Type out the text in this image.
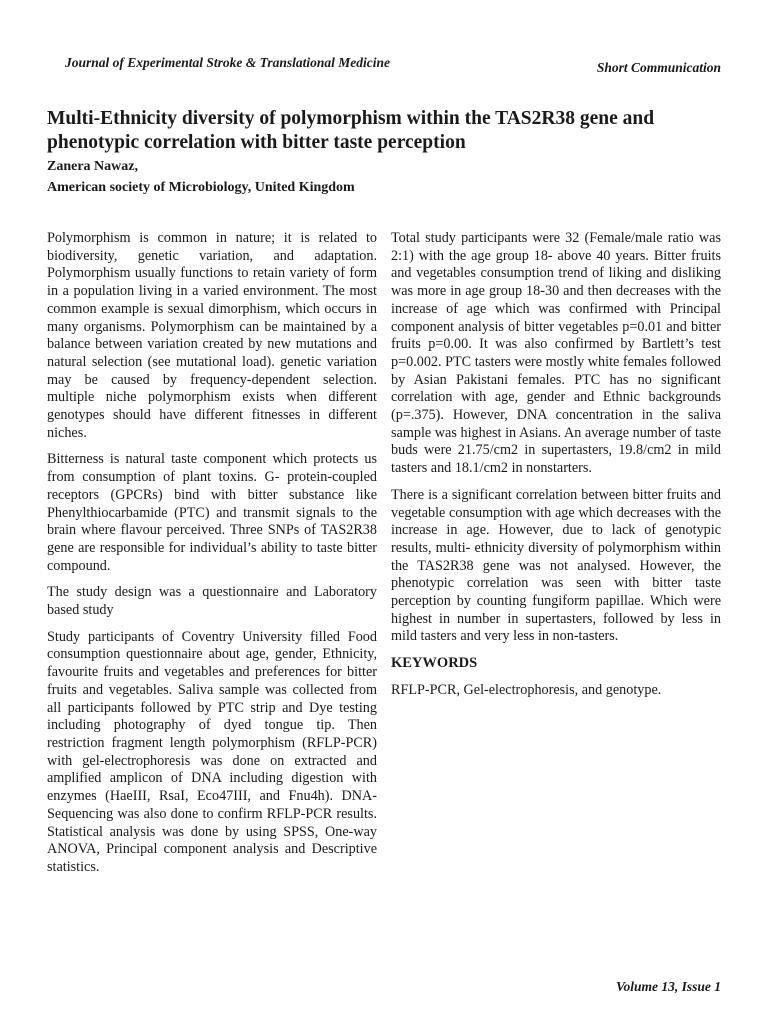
Journal of Experimental Stroke & Translational Medicine	Short Communication
Multi-Ethnicity diversity of polymorphism within the TAS2R38 gene and phenotypic correlation with bitter taste perception
Zanera Nawaz,
American society of Microbiology, United Kingdom

Polymorphism is common in nature; it is related to biodiversity, genetic variation, and adaptation. Polymorphism usually functions to retain variety of form in a population living in a varied environment. The most common example is sexual dimorphism, which occurs in many organisms. Polymorphism can be maintained by a balance between variation created by new mutations and natural selection (see mutational load). genetic variation may be caused by frequency-dependent selection. multiple niche polymorphism exists when different genotypes should have different fitnesses in different niches.

Bitterness is natural taste component which protects us from consumption of plant toxins. G- protein-coupled receptors (GPCRs) bind with bitter substance like Phenylthiocarbamide (PTC) and transmit signals to the brain where flavour perceived. Three SNPs of TAS2R38 gene are responsible for individual’s ability to taste bitter compound.

The study design was a questionnaire and Laboratory based study

Study participants of Coventry University filled Food consumption questionnaire about age, gender, Ethnicity, favourite fruits and vegetables and preferences for bitter fruits and vegetables. Saliva sample was collected from all participants followed by PTC strip and Dye testing including photography of dyed tongue tip. Then restriction fragment length polymorphism (RFLP-PCR) with gel-electrophoresis was done on extracted and amplified amplicon of DNA including digestion with enzymes (HaeIII, RsaI, Eco47III, and Fnu4h). DNA- Sequencing was also done to confirm RFLP-PCR results. Statistical analysis was done by using SPSS, One-way ANOVA, Principal component analysis and Descriptive statistics.

Total study participants were 32 (Female/male ratio was 2:1) with the age group 18- above 40 years. Bitter fruits and vegetables consumption trend of liking and disliking was more in age group 18-30 and then decreases with the increase of age which was confirmed with Principal component analysis of bitter vegetables p=0.01 and bitter fruits p=0.00. It was also confirmed by Bartlett’s test p=0.002. PTC tasters were mostly white females followed by Asian Pakistani females. PTC has no significant correlation with age, gender and Ethnic backgrounds (p=.375). However, DNA concentration in the saliva sample was highest in Asians. An average number of taste buds were 21.75/cm2 in supertasters, 19.8/cm2 in mild tasters and 18.1/cm2 in nonstarters.

There is a significant correlation between bitter fruits and vegetable consumption with age which decreases with the increase in age. However, due to lack of genotypic results, multi- ethnicity diversity of polymorphism within the TAS2R38 gene was not analysed. However, the phenotypic correlation was seen with bitter taste perception by counting fungiform papillae. Which were highest in number in supertasters, followed by less in mild tasters and very less in non-tasters.

KEYWORDS

RFLP-PCR, Gel-electrophoresis, and genotype.

Volume 13, Issue 1
